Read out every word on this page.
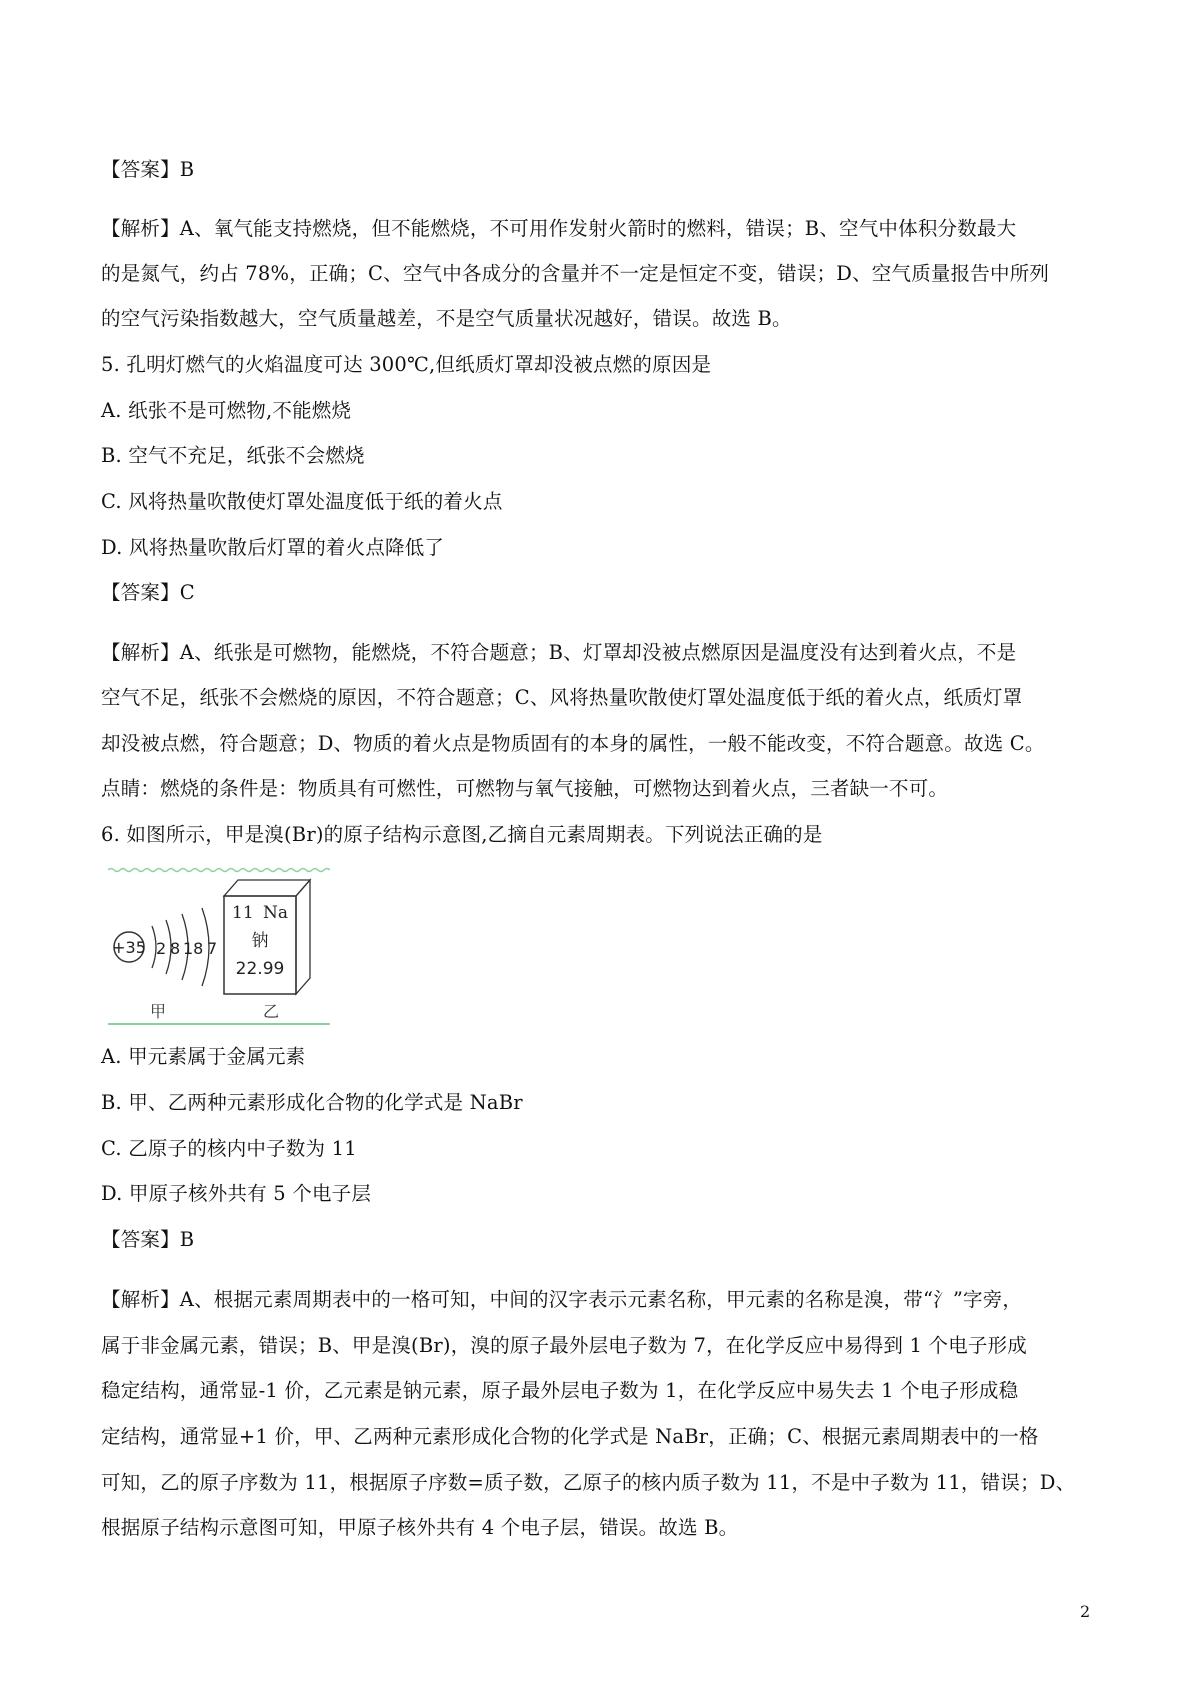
【答案】B
【解析】A、氧气能支持燃烧，但不能燃烧，不可用作发射火箭时的燃料，错误；B、空气中体积分数最大
的是氮气，约占 78%，正确；C、空气中各成分的含量并不一定是恒定不变，错误；D、空气质量报告中所列
的空气污染指数越大，空气质量越差，不是空气质量状况越好，错误。故选 B。
5. 孔明灯燃气的火焰温度可达 300℃,但纸质灯罩却没被点燃的原因是
A. 纸张不是可燃物,不能燃烧
B. 空气不充足，纸张不会燃烧
C. 风将热量吹散使灯罩处温度低于纸的着火点
D. 风将热量吹散后灯罩的着火点降低了
【答案】C
【解析】A、纸张是可燃物，能燃烧，不符合题意；B、灯罩却没被点燃原因是温度没有达到着火点，不是
空气不足，纸张不会燃烧的原因，不符合题意；C、风将热量吹散使灯罩处温度低于纸的着火点，纸质灯罩
却没被点燃，符合题意；D、物质的着火点是物质固有的本身的属性，一般不能改变，不符合题意。故选 C。
点睛：燃烧的条件是：物质具有可燃性，可燃物与氧气接触，可燃物达到着火点，三者缺一不可。
6. 如图所示，甲是溴(Br)的原子结构示意图,乙摘自元素周期表。下列说法正确的是
+35 2 8 18 7
11 Na
钠
22.99
甲	乙
A. 甲元素属于金属元素
B. 甲、乙两种元素形成化合物的化学式是 NaBr
C. 乙原子的核内中子数为 11
D. 甲原子核外共有 5 个电子层
【答案】B
【解析】A、根据元素周期表中的一格可知，中间的汉字表示元素名称，甲元素的名称是溴，带“氵”字旁，
属于非金属元素，错误；B、甲是溴(Br)，溴的原子最外层电子数为 7，在化学反应中易得到 1 个电子形成
稳定结构，通常显-1 价，乙元素是钠元素，原子最外层电子数为 1，在化学反应中易失去 1 个电子形成稳
定结构，通常显+1 价，甲、乙两种元素形成化合物的化学式是 NaBr，正确；C、根据元素周期表中的一格
可知，乙的原子序数为 11，根据原子序数=质子数，乙原子的核内质子数为 11，不是中子数为 11，错误；D、
根据原子结构示意图可知，甲原子核外共有 4 个电子层，错误。故选 B。
2
